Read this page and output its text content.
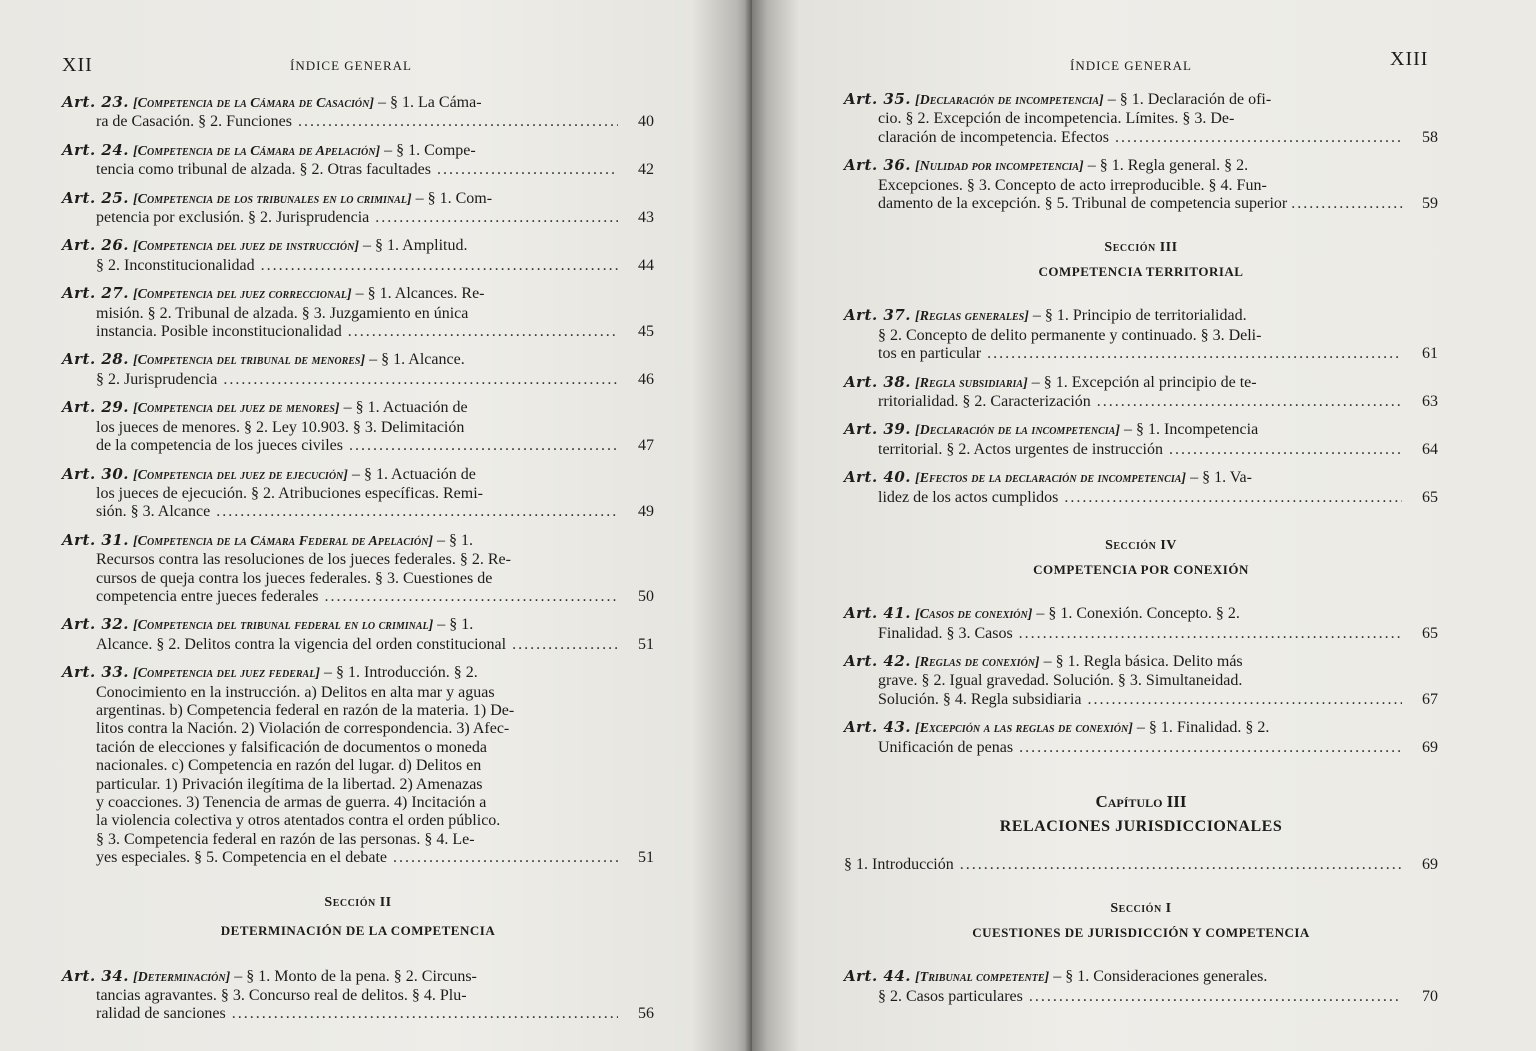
XII	ÍNDICE GENERAL
Art. 23. [Competencia de la Cámara de Casación] – § 1. La Cáma-
ra de Casación. § 2. Funciones .....	40
Art. 24. [Competencia de la Cámara de Apelación] – § 1. Compe-
tencia como tribunal de alzada. § 2. Otras facultades .....	42
Art. 25. [Competencia de los tribunales en lo criminal] – § 1. Com-
petencia por exclusión. § 2. Jurisprudencia .....	43
Art. 26. [Competencia del juez de instrucción] – § 1. Amplitud.
§ 2. Inconstitucionalidad .....	44
Art. 27. [Competencia del juez correccional] – § 1. Alcances. Re-
misión. § 2. Tribunal de alzada. § 3. Juzgamiento en única
instancia. Posible inconstitucionalidad .....	45
Art. 28. [Competencia del tribunal de menores] – § 1. Alcance.
§ 2. Jurisprudencia .....	46
Art. 29. [Competencia del juez de menores] – § 1. Actuación de
los jueces de menores. § 2. Ley 10.903. § 3. Delimitación
de la competencia de los jueces civiles .....	47
Art. 30. [Competencia del juez de ejecución] – § 1. Actuación de
los jueces de ejecución. § 2. Atribuciones específicas. Remi-
sión. § 3. Alcance .....	49
Art. 31. [Competencia de la Cámara Federal de Apelación] – § 1.
Recursos contra las resoluciones de los jueces federales. § 2. Re-
cursos de queja contra los jueces federales. § 3. Cuestiones de
competencia entre jueces federales .....	50
Art. 32. [Competencia del tribunal federal en lo criminal] – § 1.
Alcance. § 2. Delitos contra la vigencia del orden constitucional .....	51
Art. 33. [Competencia del juez federal] – § 1. Introducción. § 2.
Conocimiento en la instrucción. a) Delitos en alta mar y aguas
argentinas. b) Competencia federal en razón de la materia. 1) De-
litos contra la Nación. 2) Violación de correspondencia. 3) Afec-
tación de elecciones y falsificación de documentos o moneda
nacionales. c) Competencia en razón del lugar. d) Delitos en
particular. 1) Privación ilegítima de la libertad. 2) Amenazas
y coacciones. 3) Tenencia de armas de guerra. 4) Incitación a
la violencia colectiva y otros atentados contra el orden público.
§ 3. Competencia federal en razón de las personas. § 4. Le-
yes especiales. § 5. Competencia en el debate .....	51
Sección II
DETERMINACIÓN DE LA COMPETENCIA
Art. 34. [Determinación] – § 1. Monto de la pena. § 2. Circuns-
tancias agravantes. § 3. Concurso real de delitos. § 4. Plu-
ralidad de sanciones .....	56
ÍNDICE GENERAL	XIII
Art. 35. [Declaración de incompetencia] – § 1. Declaración de ofi-
cio. § 2. Excepción de incompetencia. Límites. § 3. De-
claración de incompetencia. Efectos .....	58
Art. 36. [Nulidad por incompetencia] – § 1. Regla general. § 2.
Excepciones. § 3. Concepto de acto irreproducible. § 4. Fun-
damento de la excepción. § 5. Tribunal de competencia superior .....	59
Sección III
COMPETENCIA TERRITORIAL
Art. 37. [Reglas generales] – § 1. Principio de territorialidad.
§ 2. Concepto de delito permanente y continuado. § 3. Deli-
tos en particular .....	61
Art. 38. [Regla subsidiaria] – § 1. Excepción al principio de te-
rritorialidad. § 2. Caracterización .....	63
Art. 39. [Declaración de la incompetencia] – § 1. Incompetencia
territorial. § 2. Actos urgentes de instrucción .....	64
Art. 40. [Efectos de la declaración de incompetencia] – § 1. Va-
lidez de los actos cumplidos .....	65
Sección IV
COMPETENCIA POR CONEXIÓN
Art. 41. [Casos de conexión] – § 1. Conexión. Concepto. § 2.
Finalidad. § 3. Casos .....	65
Art. 42. [Reglas de conexión] – § 1. Regla básica. Delito más
grave. § 2. Igual gravedad. Solución. § 3. Simultaneidad.
Solución. § 4. Regla subsidiaria .....	67
Art. 43. [Excepción a las reglas de conexión] – § 1. Finalidad. § 2.
Unificación de penas .....	69
Capítulo III
RELACIONES JURISDICCIONALES
§ 1. Introducción .....	69
Sección I
CUESTIONES DE JURISDICCIÓN Y COMPETENCIA
Art. 44. [Tribunal competente] – § 1. Consideraciones generales.
§ 2. Casos particulares .....	70
